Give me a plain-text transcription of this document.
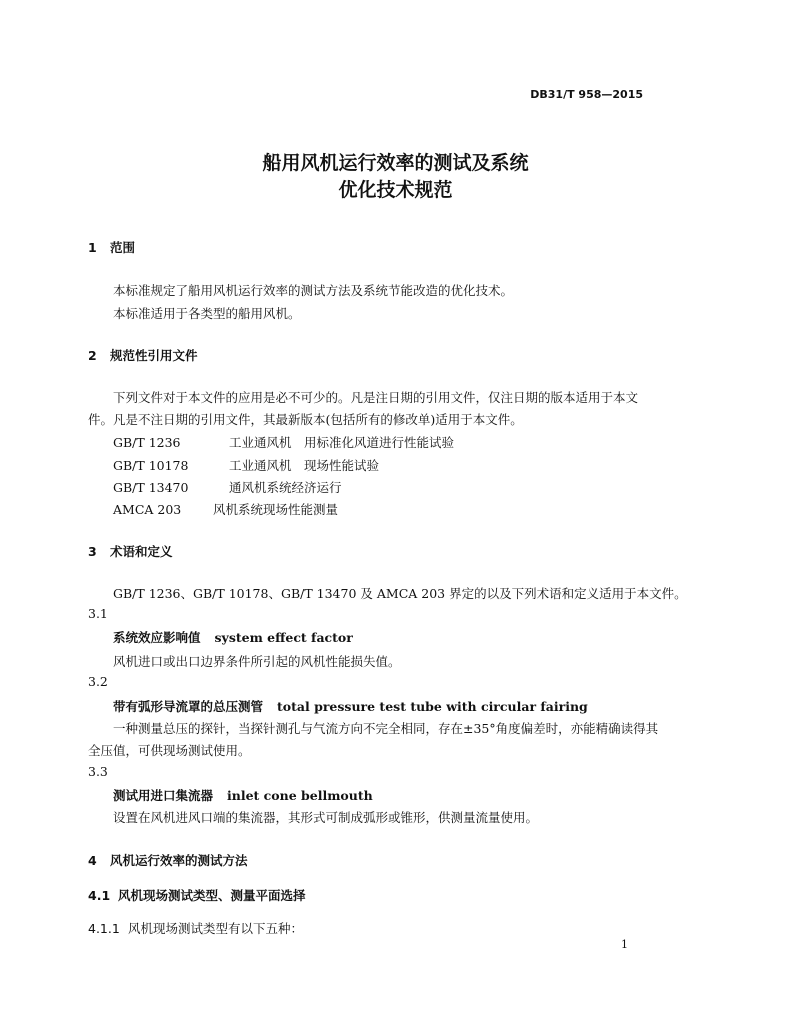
DB31/T 958—2015
船用风机运行效率的测试及系统
优化技术规范
1 范围
本标准规定了船用风机运行效率的测试方法及系统节能改造的优化技术。
本标准适用于各类型的船用风机。
2 规范性引用文件
下列文件对于本文件的应用是必不可少的。凡是注日期的引用文件，仅注日期的版本适用于本文
件。凡是不注日期的引用文件，其最新版本(包括所有的修改单)适用于本文件。
GB/T 1236	工业通风机　用标准化风道进行性能试验
GB/T 10178	工业通风机　现场性能试验
GB/T 13470	通风机系统经济运行
AMCA 203	风机系统现场性能测量
3 术语和定义
GB/T 1236、GB/T 10178、GB/T 13470 及 AMCA 203 界定的以及下列术语和定义适用于本文件。
3.1
系统效应影响值 system effect factor
风机进口或出口边界条件所引起的风机性能损失值。
3.2
带有弧形导流罩的总压测管 total pressure test tube with circular fairing
一种测量总压的探针，当探针测孔与气流方向不完全相同，存在±35°角度偏差时，亦能精确读得其
全压值，可供现场测试使用。
3.3
测试用进口集流器 inlet cone bellmouth
设置在风机进风口端的集流器，其形式可制成弧形或锥形，供测量流量使用。
4 风机运行效率的测试方法
4.1 风机现场测试类型、测量平面选择
4.1.1 风机现场测试类型有以下五种：
1
